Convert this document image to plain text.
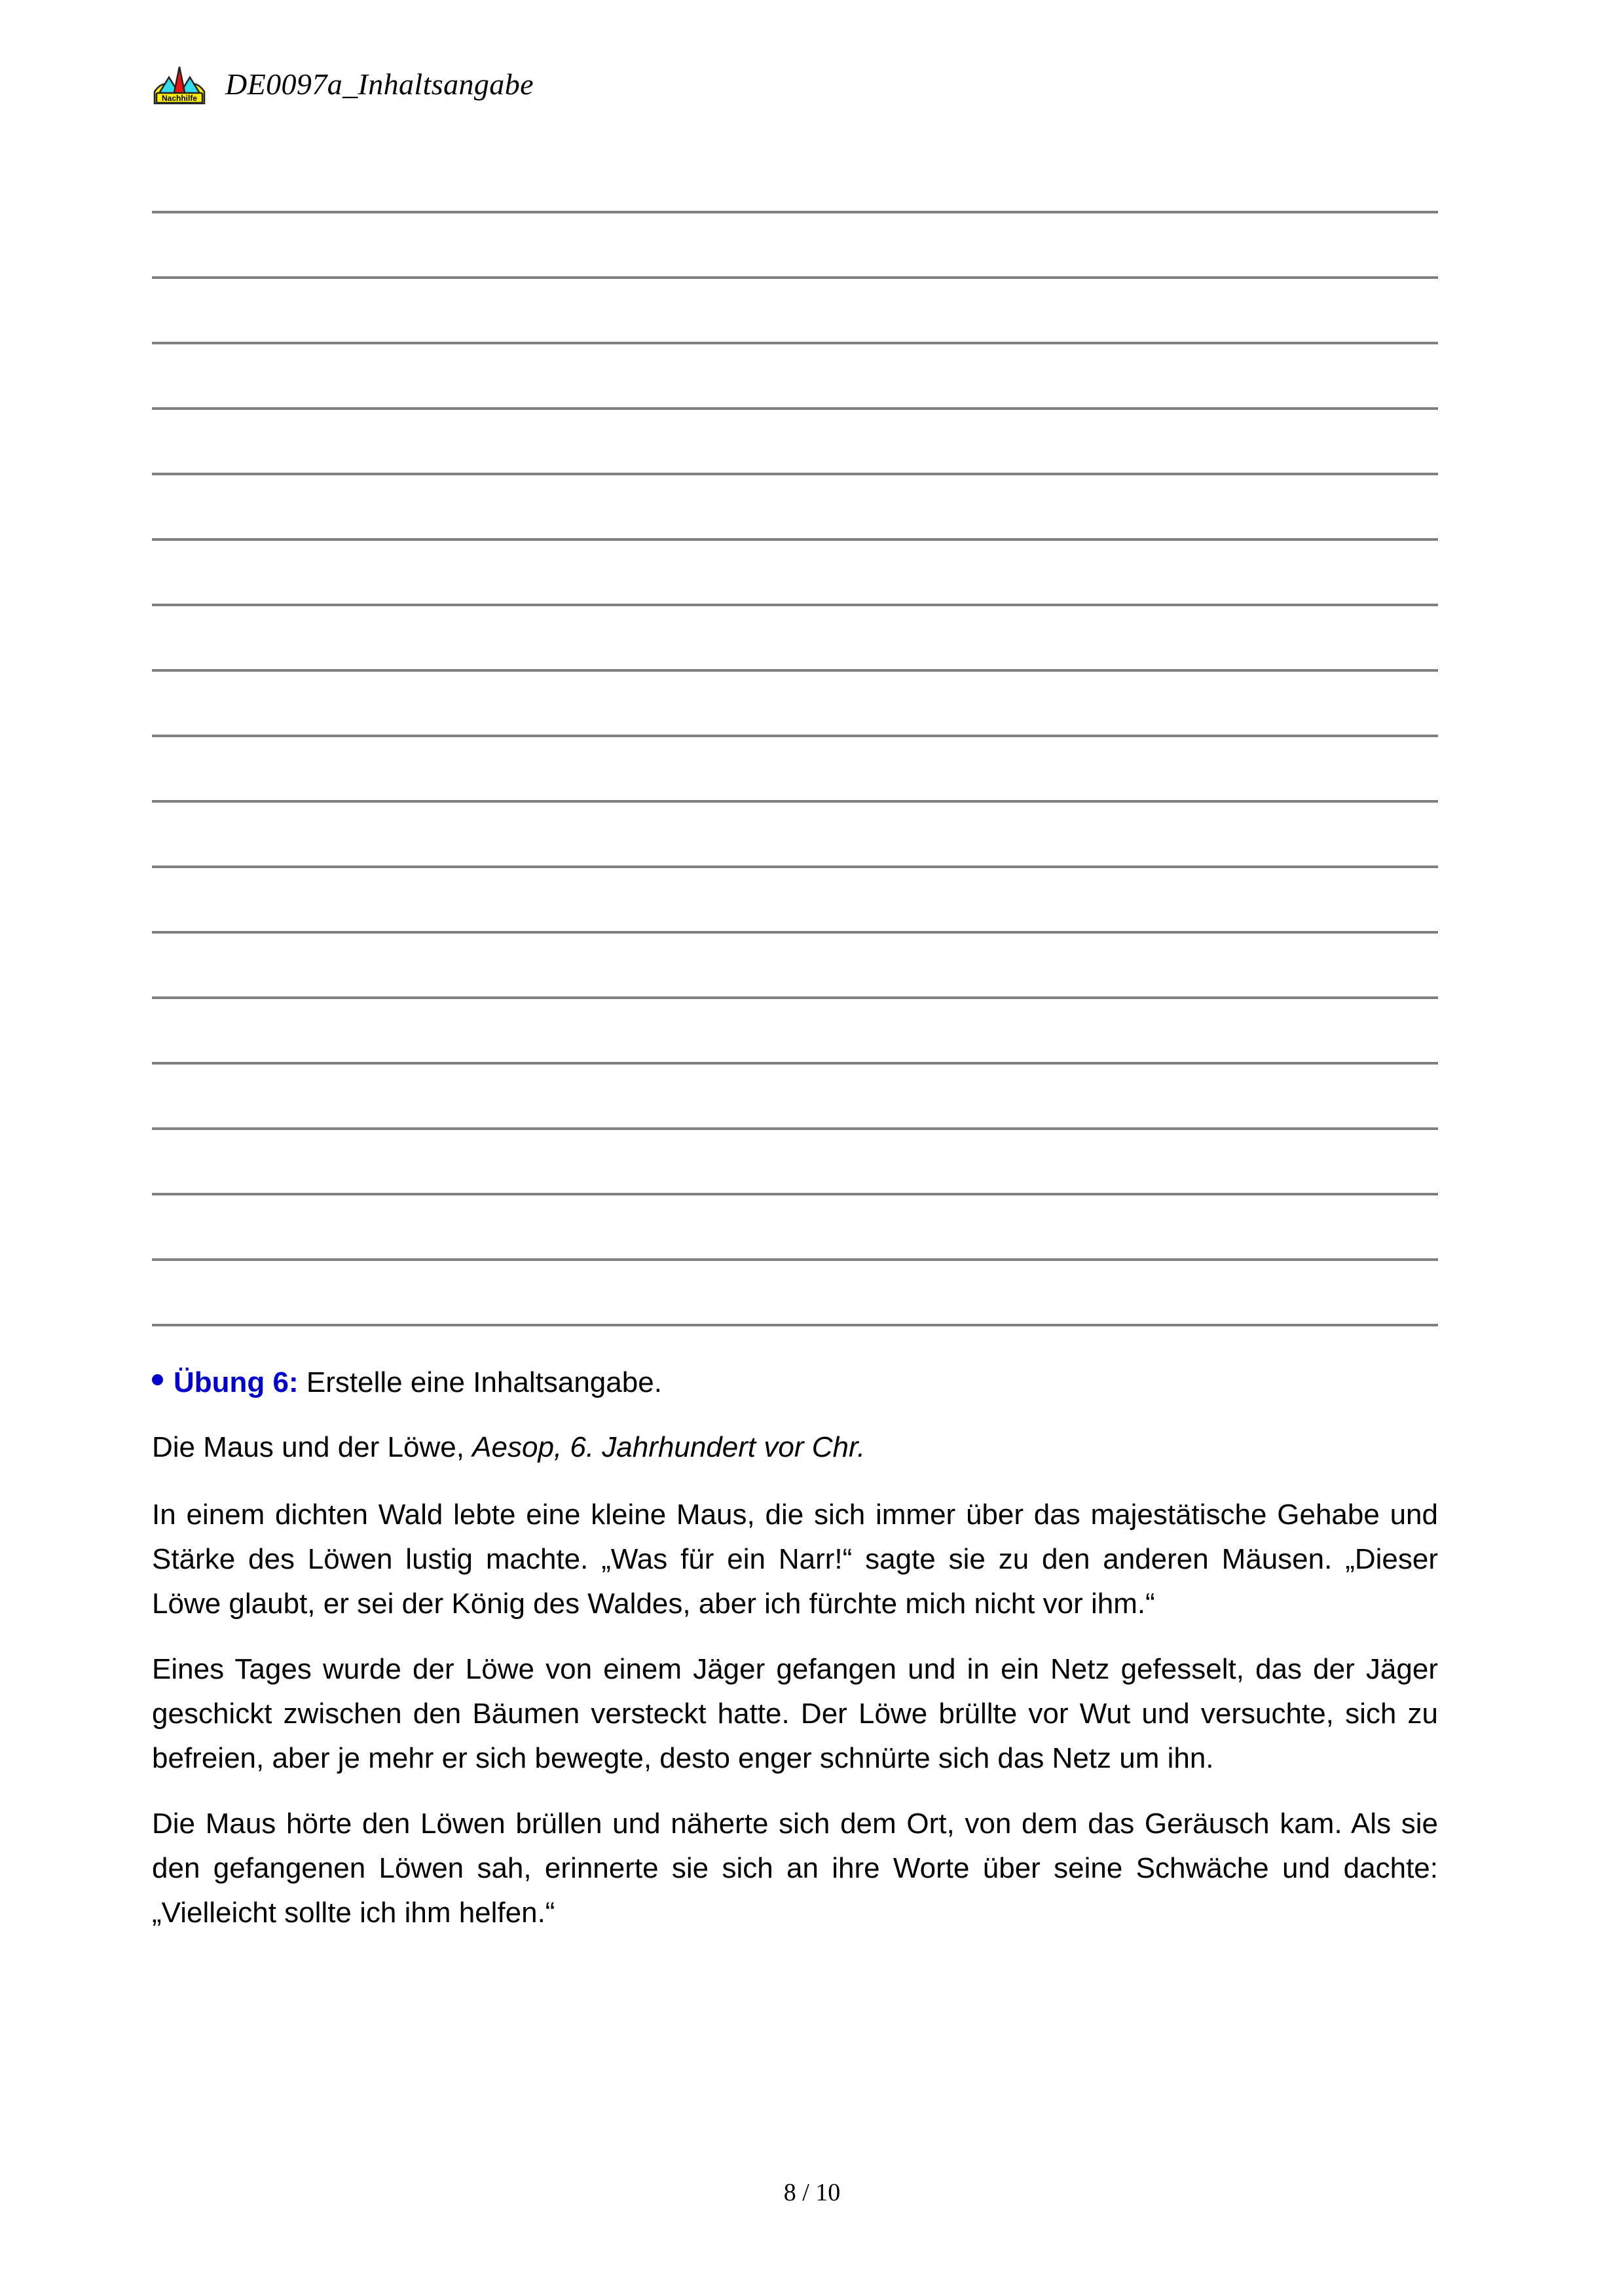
Nachhilfe DE0097a_Inhaltsangabe
Übung 6: Erstelle eine Inhaltsangabe.
Die Maus und der Löwe, Aesop, 6. Jahrhundert vor Chr.

In einem dichten Wald lebte eine kleine Maus, die sich immer über das majestätische Gehabe und Stärke des Löwen lustig machte. „Was für ein Narr!“ sagte sie zu den anderen Mäusen. „Dieser Löwe glaubt, er sei der König des Waldes, aber ich fürchte mich nicht vor ihm.“

Eines Tages wurde der Löwe von einem Jäger gefangen und in ein Netz gefesselt, das der Jäger geschickt zwischen den Bäumen versteckt hatte. Der Löwe brüllte vor Wut und versuchte, sich zu befreien, aber je mehr er sich bewegte, desto enger schnürte sich das Netz um ihn.

Die Maus hörte den Löwen brüllen und näherte sich dem Ort, von dem das Geräusch kam. Als sie den gefangenen Löwen sah, erinnerte sie sich an ihre Worte über seine Schwäche und dachte: „Vielleicht sollte ich ihm helfen.“

8 / 10
